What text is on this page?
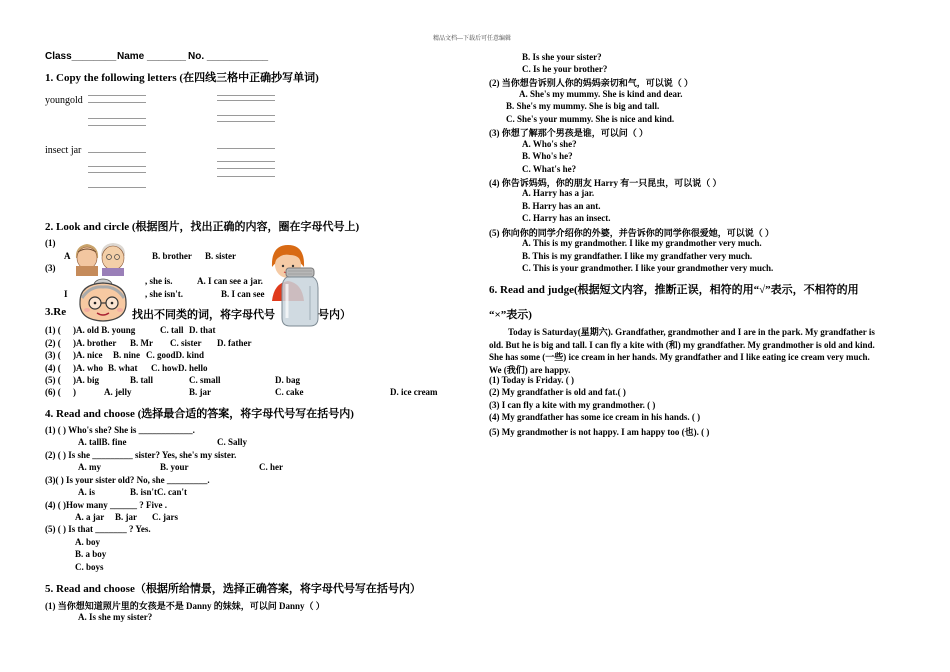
精品文档---下载后可任意编辑
Class________ Name _______ No. ___________
1. Copy the following letters (在四线三格中正确抄写单词)
youngold
insect jar
2. Look and circle (根据图片，找出正确的内容，圈在字母代号上)
(1)
A	B. brother B. sister
(3)
, she is.	A. I can see a jar.
I	, she isn't.	B. I can see
3.Re	找出不同类的词，将字母代号	号内）
(1) ( )A. old B. young	C. tall D. that
(2) ( )A. brother B. Mr C. sister D. father
(3) ( )A. nice B. nine C. goodD. kind
(4) ( )A. who B. what C. howD. hello
(5) ( )A. big	B. tall	C. small	D. bag
(6) ( )	A. jelly	B. jar	C. cake	D. ice cream
4. Read and choose (选择最合适的答案，将字母代号写在括号内)
(1) ( ) Who's she? She is ____________.
A. tallB. fine	C. Sally
(2) ( ) Is she _________ sister? Yes, she's my sister.
A. my	B. your	C. her
(3)( ) Is your sister old? No, she _________.
A. is	B. isn'tC. can't
(4) ( )How many ______ ? Five .
A. a jar B. jar C. jars
(5) ( ) Is that _______ ? Yes.
A. boy
B. a boy
C. boys
5. Read and choose（根据所给情景，选择正确答案，将字母代号写在括号内）
(1) 当你想知道照片里的女孩是不是 Danny 的妹妹，可以问 Danny（ ）
A. Is she my sister?
B. Is she your sister?
C. Is he your brother?
(2) 当你想告诉别人你的妈妈亲切和气，可以说（ ）
A. She's my mummy. She is kind and dear.
B. She's my mummy. She is big and tall.
C. She's your mummy. She is nice and kind.
(3) 你想了解那个男孩是谁，可以问（ ）
A. Who's she?
B. Who's he?
C. What's he?
(4) 你告诉妈妈，你的朋友 Harry 有一只昆虫，可以说（ ）
A. Harry has a jar.
B. Harry has an ant.
C. Harry has an insect.
(5) 你向你的同学介绍你的外婆，并告诉你的同学你很爱她，可以说（ ）
A. This is my grandmother. I like my grandmother very much.
B. This is my grandfather. I like my grandfather very much.
C. This is your grandmother. I like your grandmother very much.
6. Read and judge(根据短文内容，推断正误，相符的用“√”表示，不相符的用
“×”表示)
Today is Saturday(星期六). Grandfather, grandmother and I are in the park. My grandfather is
old. But he is big and tall. I can fly a kite with (和) my grandfather. My grandmother is old and kind.
She has some (一些) ice cream in her hands. My grandfather and I like eating ice cream very much.
We (我们) are happy.
(1) Today is Friday. ( )
(2) My grandfather is old and fat.( )
(3) I can fly a kite with my grandmother. ( )
(4) My grandfather has some ice cream in his hands. ( )
(5) My grandmother is not happy. I am happy too (也). ( )
